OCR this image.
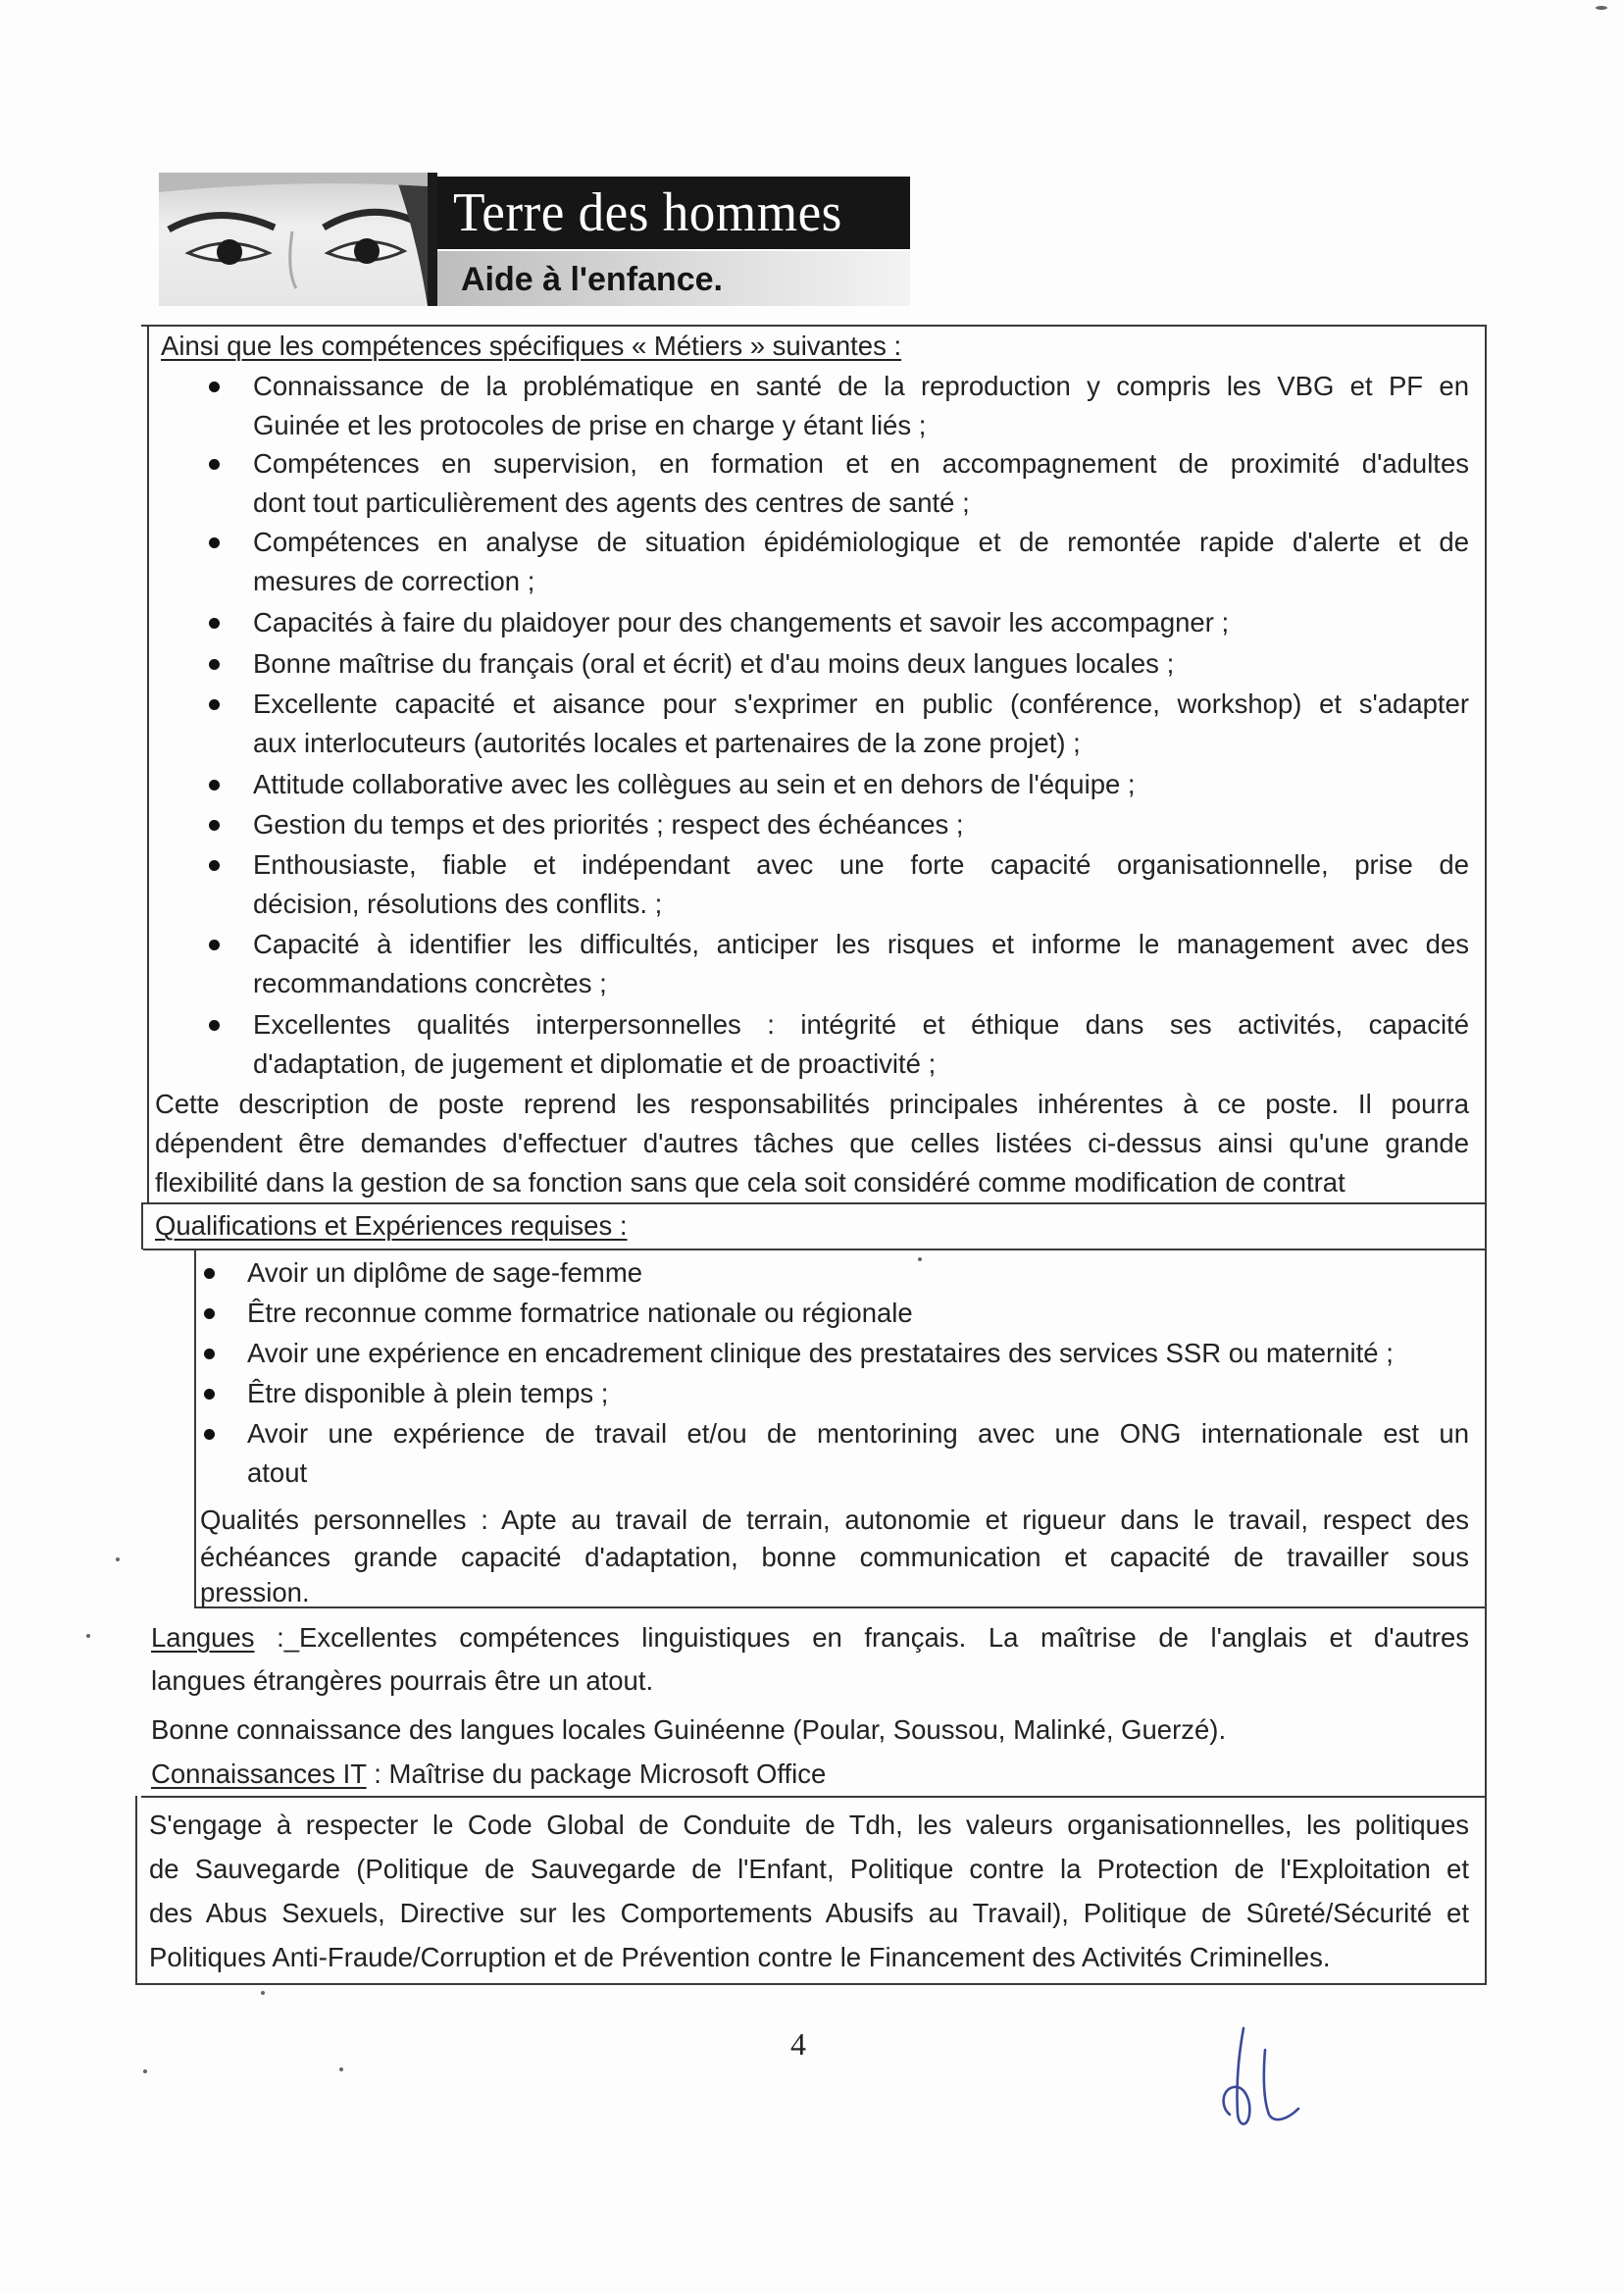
Terre des hommes
Aide à l'enfance.
Ainsi que les compétences spécifiques « Métiers » suivantes :
Connaissance de la problématique en santé de la reproduction y compris les VBG et PF en
Guinée et les protocoles de prise en charge y étant liés ;
Compétences en supervision, en formation et en accompagnement de proximité d'adultes
dont tout particulièrement des agents des centres de santé ;
Compétences en analyse de situation épidémiologique et de remontée rapide d'alerte et de
mesures de correction ;
Capacités à faire du plaidoyer pour des changements et savoir les accompagner ;
Bonne maîtrise du français (oral et écrit) et d'au moins deux langues locales ;
Excellente capacité et aisance pour s'exprimer en public (conférence, workshop) et s'adapter
aux interlocuteurs (autorités locales et partenaires de la zone projet) ;
Attitude collaborative avec les collègues au sein et en dehors de l'équipe ;
Gestion du temps et des priorités ; respect des échéances ;
Enthousiaste, fiable et indépendant avec une forte capacité organisationnelle, prise de
décision, résolutions des conflits. ;
Capacité à identifier les difficultés, anticiper les risques et informe le management avec des
recommandations concrètes ;
Excellentes qualités interpersonnelles : intégrité et éthique dans ses activités, capacité
d'adaptation, de jugement et diplomatie et de proactivité ;
Cette description de poste reprend les responsabilités principales inhérentes à ce poste. Il pourra
dépendent être demandes d'effectuer d'autres tâches que celles listées ci-dessus ainsi qu'une grande
flexibilité dans la gestion de sa fonction sans que cela soit considéré comme modification de contrat
Qualifications et Expériences requises :
Avoir un diplôme de sage-femme
Être reconnue comme formatrice nationale ou régionale
Avoir une expérience en encadrement clinique des prestataires des services SSR ou maternité ;
Être disponible à plein temps ;
Avoir une expérience de travail et/ou de mentorining avec une ONG internationale est un
atout
Qualités personnelles : Apte au travail de terrain, autonomie et rigueur dans le travail, respect des
échéances grande capacité d'adaptation, bonne communication et capacité de travailler sous
pression.
Langues :_Excellentes compétences linguistiques en français. La maîtrise de l'anglais et d'autres
langues étrangères pourrais être un atout.
Bonne connaissance des langues locales Guinéenne (Poular, Soussou, Malinké, Guerzé).
Connaissances IT : Maîtrise du package Microsoft Office
S'engage à respecter le Code Global de Conduite de Tdh, les valeurs organisationnelles, les politiques
de Sauvegarde (Politique de Sauvegarde de l'Enfant, Politique contre la Protection de l'Exploitation et
des Abus Sexuels, Directive sur les Comportements Abusifs au Travail), Politique de Sûreté/Sécurité et
Politiques Anti-Fraude/Corruption et de Prévention contre le Financement des Activités Criminelles.
4
